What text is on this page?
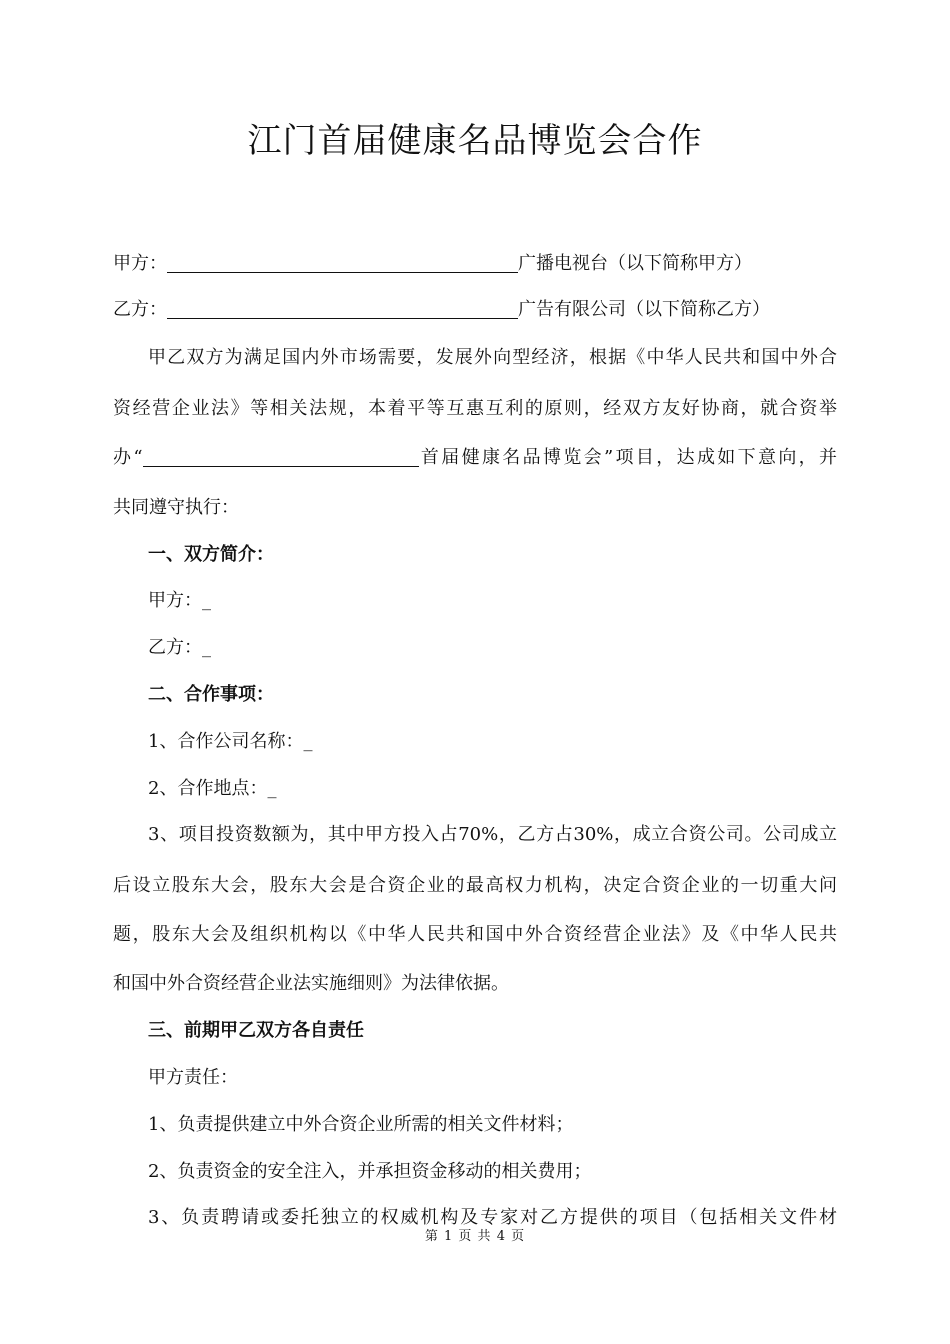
江门首届健康名品博览会合作
甲方：	广播电视台（以下简称甲方）
乙方：	广告有限公司（以下简称乙方）
甲乙双方为满足国内外市场需要，发展外向型经济，根据《中华人民共和国中外合
资经营企业法》等相关法规，本着平等互惠互利的原则，经双方友好协商，就合资举
办“	首届健康名品博览会”项目，达成如下意向，并
共同遵守执行：
一、双方简介：
甲方：_
乙方：_
二、合作事项：
1、合作公司名称：_
2、合作地点：_
3、项目投资数额为，其中甲方投入占70%，乙方占30%，成立合资公司。公司成立
后设立股东大会，股东大会是合资企业的最高权力机构，决定合资企业的一切重大问
题，股东大会及组织机构以《中华人民共和国中外合资经营企业法》及《中华人民共
和国中外合资经营企业法实施细则》为法律依据。
三、前期甲乙双方各自责任
甲方责任：
1、负责提供建立中外合资企业所需的相关文件材料；
2、负责资金的安全注入，并承担资金移动的相关费用；
3、负责聘请或委托独立的权威机构及专家对乙方提供的项目（包括相关文件材
第 1 页 共 4 页
